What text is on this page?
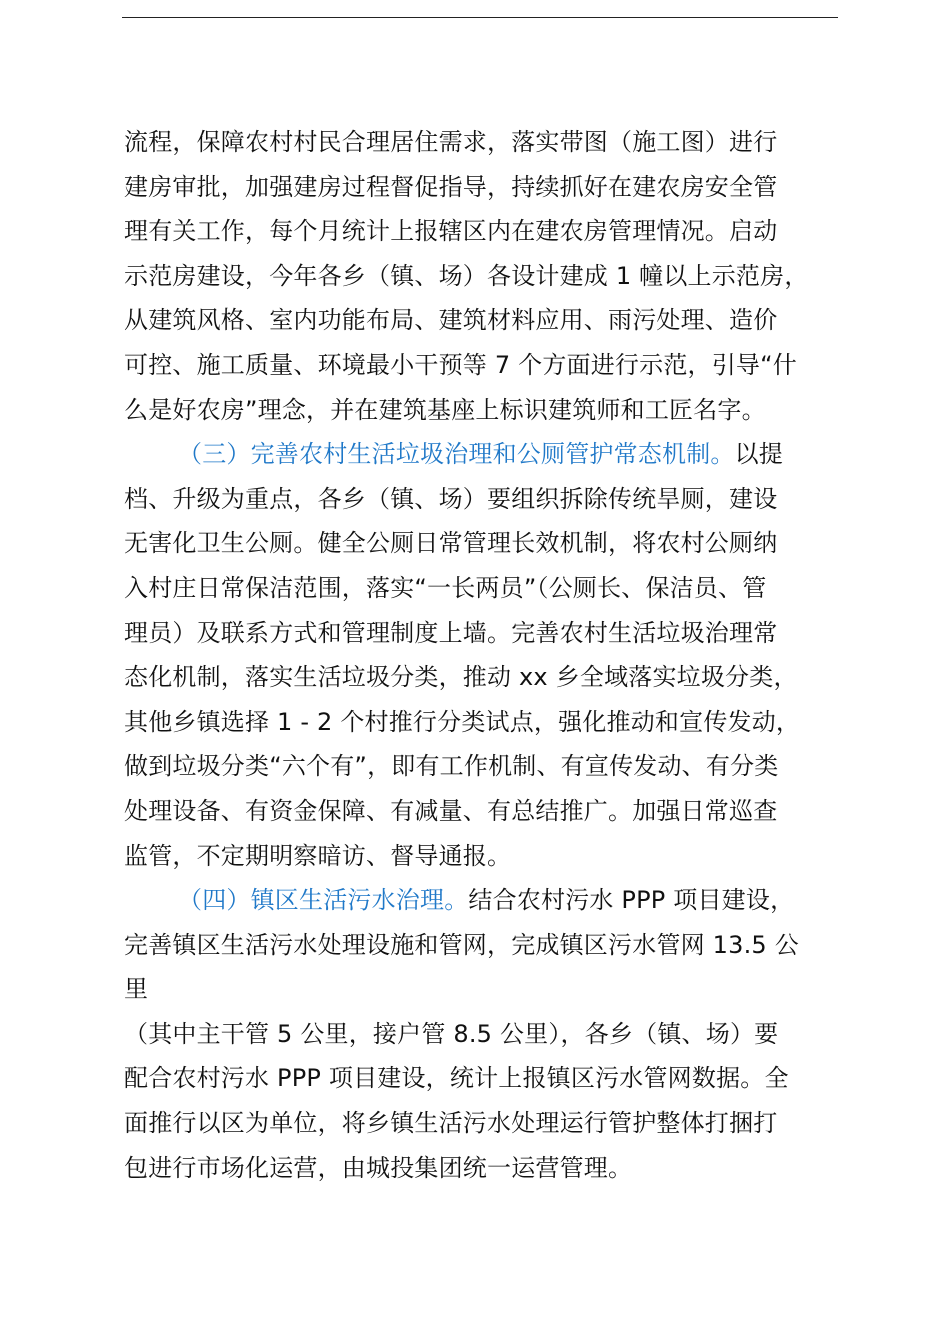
流程，保障农村村民合理居住需求，落实带图（施工图）进行
建房审批，加强建房过程督促指导，持续抓好在建农房安全管
理有关工作，每个月统计上报辖区内在建农房管理情况。启动
示范房建设，今年各乡（镇、场）各设计建成 1 幢以上示范房，
从建筑风格、室内功能布局、建筑材料应用、雨污处理、造价
可控、施工质量、环境最小干预等 7 个方面进行示范，引导“什
么是好农房”理念，并在建筑基座上标识建筑师和工匠名字。
（三）完善农村生活垃圾治理和公厕管护常态机制。以提
档、升级为重点，各乡（镇、场）要组织拆除传统旱厕，建设
无害化卫生公厕。健全公厕日常管理长效机制，将农村公厕纳
入村庄日常保洁范围，落实“一长两员”（公厕长、保洁员、管
理员）及联系方式和管理制度上墙。完善农村生活垃圾治理常
态化机制，落实生活垃圾分类，推动 xx 乡全域落实垃圾分类，
其他乡镇选择 1 - 2 个村推行分类试点，强化推动和宣传发动，
做到垃圾分类“六个有”，即有工作机制、有宣传发动、有分类
处理设备、有资金保障、有减量、有总结推广。加强日常巡查
监管，不定期明察暗访、督导通报。
（四）镇区生活污水治理。结合农村污水 PPP 项目建设，
完善镇区生活污水处理设施和管网，完成镇区污水管网 13.5 公
里
（其中主干管 5 公里，接户管 8.5 公里），各乡（镇、场）要
配合农村污水 PPP 项目建设，统计上报镇区污水管网数据。全
面推行以区为单位，将乡镇生活污水处理运行管护整体打捆打
包进行市场化运营，由城投集团统一运营管理。
